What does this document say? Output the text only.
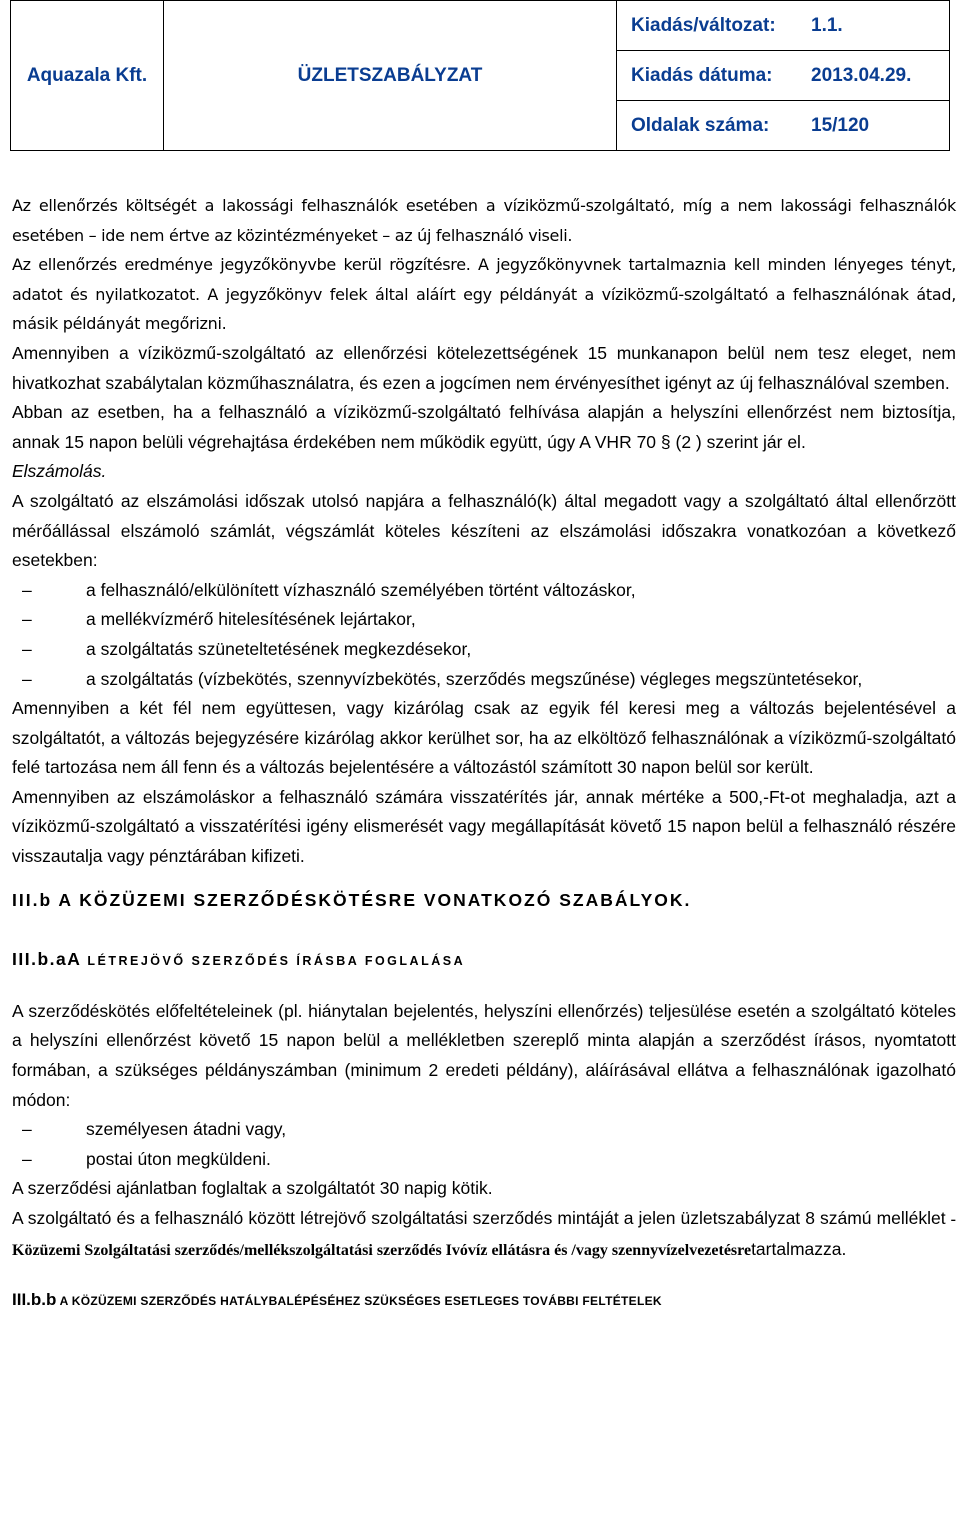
Aquazala Kft.	ÜZLETSZABÁLYZAT	
Kiadás/változat:	1.1.

Kiadás dátuma:	2013.04.29.

Oldalak száma:	15/120

Az ellenőrzés költségét a lakossági felhasználók esetében a víziközmű-szolgáltató, míg a nem lakossági felhasználók esetében – ide nem értve az közintézményeket – az új felhasználó viseli.

Az ellenőrzés eredménye jegyzőkönyvbe kerül rögzítésre. A jegyzőkönyvnek tartalmaznia kell minden lényeges tényt, adatot és nyilatkozatot. A jegyzőkönyv felek által aláírt egy példányát a víziközmű-szolgáltató a felhasználónak átad, másik példányát megőrizni.

Amennyiben a víziközmű-szolgáltató az ellenőrzési kötelezettségének 15 munkanapon belül nem tesz eleget, nem hivatkozhat szabálytalan közműhasználatra, és ezen a jogcímen nem érvényesíthet igényt az új felhasználóval szemben.

Abban az esetben, ha a felhasználó a víziközmű-szolgáltató felhívása alapján a helyszíni ellenőrzést nem biztosítja, annak 15 napon belüli végrehajtása érdekében nem működik együtt, úgy A VHR 70 § (2 ) szerint jár el.

Elszámolás.

A szolgáltató az elszámolási időszak utolsó napjára a felhasználó(k) által megadott vagy a szolgáltató által ellenőrzött mérőállással elszámoló számlát, végszámlát köteles készíteni az elszámolási időszakra vonatkozóan a következő esetekben:

–	a felhasználó/elkülönített vízhasználó személyében történt változáskor,
–	a mellékvízmérő hitelesítésének lejártakor,
–	a szolgáltatás szüneteltetésének megkezdésekor,
–	a szolgáltatás (vízbekötés, szennyvízbekötés, szerződés megszűnése) végleges megszüntetésekor,

Amennyiben a két fél nem együttesen, vagy kizárólag csak az egyik fél keresi meg a változás bejelentésével a szolgáltatót, a változás bejegyzésére kizárólag akkor kerülhet sor, ha az elköltöző felhasználónak a víziközmű-szolgáltató felé tartozása nem áll fenn és a változás bejelentésére a változástól számított 30 napon belül sor került.

Amennyiben az elszámoláskor a felhasználó számára visszatérítés jár, annak mértéke a 500,-Ft-ot meghaladja, azt a víziközmű-szolgáltató a visszatérítési igény elismerését vagy megállapítását követő 15 napon belül a felhasználó részére visszautalja vagy pénztárában kifizeti.

III.b A KÖZÜZEMI SZERZŐDÉSKÖTÉSRE VONATKOZÓ SZABÁLYOK.
III.b.aA LÉTREJÖVŐ SZERZŐDÉS ÍRÁSBA FOGLALÁSA

A szerződéskötés előfeltételeinek (pl. hiánytalan bejelentés, helyszíni ellenőrzés) teljesülése esetén a szolgáltató köteles a helyszíni ellenőrzést követő 15 napon belül a mellékletben szereplő minta alapján a szerződést írásos, nyomtatott formában, a szükséges példányszámban (minimum 2 eredeti példány), aláírásával ellátva a felhasználónak igazolható módon:

–	személyesen átadni vagy,
–	postai úton megküldeni.

A szerződési ajánlatban foglaltak a szolgáltatót 30 napig kötik.

A szolgáltató és a felhasználó között létrejövő szolgáltatási szerződés mintáját a jelen üzletszabályzat 8 számú melléklet - Közüzemi Szolgáltatási szerződés/mellékszolgáltatási szerződés Ivóvíz ellátásra és /vagy szennyvízelvezetésretartalmazza.

III.b.b A KÖZÜZEMI SZERZŐDÉS HATÁLYBALÉPÉSÉHEZ SZÜKSÉGES ESETLEGES TOVÁBBI FELTÉTELEK
